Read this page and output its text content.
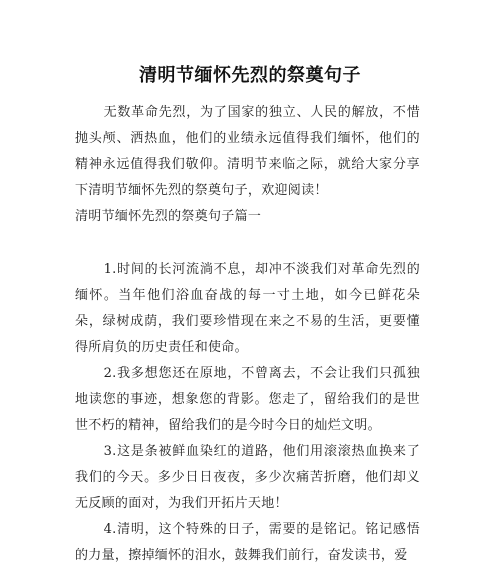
清明节缅怀先烈的祭奠句子

无数革命先烈，为了国家的独立、人民的解放，不惜抛头颅、洒热血，他们的业绩永远值得我们缅怀，他们的精神永远值得我们敬仰。清明节来临之际，就给大家分享下清明节缅怀先烈的祭奠句子，欢迎阅读！

清明节缅怀先烈的祭奠句子篇一

1.时间的长河流淌不息，却冲不淡我们对革命先烈的缅怀。当年他们浴血奋战的每一寸土地，如今已鲜花朵朵，绿树成荫，我们要珍惜现在来之不易的生活，更要懂得所肩负的历史责任和使命。

2.我多想您还在原地，不曾离去，不会让我们只孤独地读您的事迹，想象您的背影。您走了，留给我们的是世世不朽的精神，留给我们的是今时今日的灿烂文明。

3.这是条被鲜血染红的道路，他们用滚滚热血换来了我们的今天。多少日日夜夜，多少次痛苦折磨，他们却义无反顾的面对，为我们开拓片天地！

4.清明，这个特殊的日子，需要的是铭记。铭记感悟的力量，擦掉缅怀的泪水，鼓舞我们前行，奋发读书，爱
